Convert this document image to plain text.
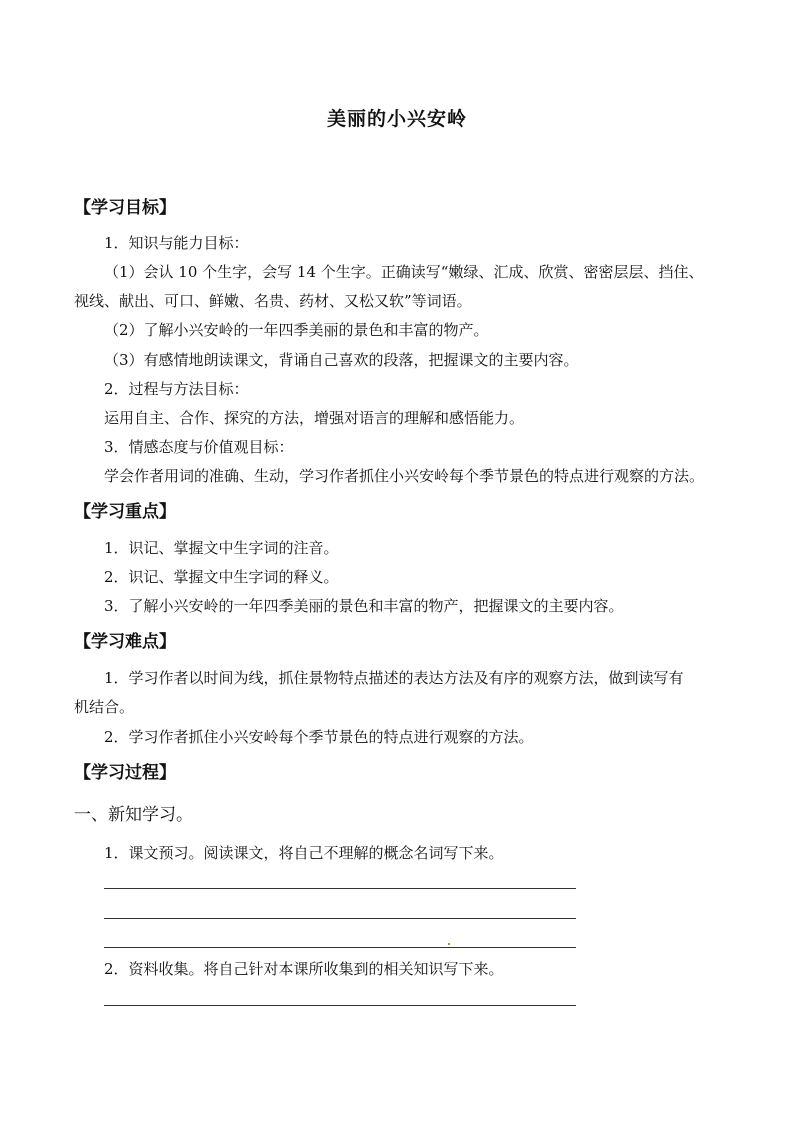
美丽的小兴安岭
【学习目标】
1．知识与能力目标：
（1）会认 10 个生字，会写 14 个生字。正确读写“嫩绿、汇成、欣赏、密密层层、挡住、
视线、献出、可口、鲜嫩、名贵、药材、又松又软”等词语。
（2）了解小兴安岭的一年四季美丽的景色和丰富的物产。
（3）有感情地朗读课文，背诵自己喜欢的段落，把握课文的主要内容。
2．过程与方法目标：
运用自主、合作、探究的方法，增强对语言的理解和感悟能力。
3．情感态度与价值观目标：
学会作者用词的准确、生动，学习作者抓住小兴安岭每个季节景色的特点进行观察的方法。
【学习重点】
1．识记、掌握文中生字词的注音。
2．识记、掌握文中生字词的释义。
3．了解小兴安岭的一年四季美丽的景色和丰富的物产，把握课文的主要内容。
【学习难点】
1．学习作者以时间为线，抓住景物特点描述的表达方法及有序的观察方法，做到读写有
机结合。
2．学习作者抓住小兴安岭每个季节景色的特点进行观察的方法。
【学习过程】
一、新知学习。
1．课文预习。阅读课文，将自己不理解的概念名词写下来。
2．资料收集。将自己针对本课所收集到的相关知识写下来。
